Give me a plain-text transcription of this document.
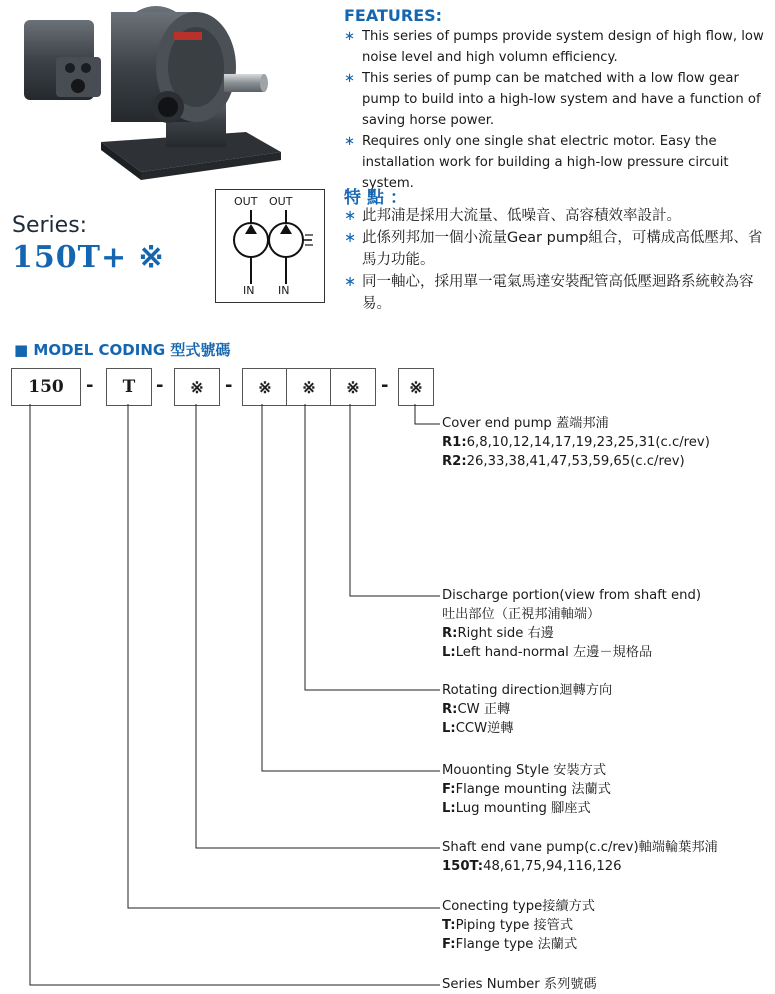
Series:
150T+ ※
OUT OUT
IN IN
FEATURES:
∗ This series of pumps provide system design of high flow, low noise level and high volumn efficiency.
∗ This series of pump can be matched with a low flow gear pump to build into a high-low system and have a function of saving horse power.
∗ Requires only one single shat electric motor. Easy the installation work for building a high-low pressure circuit system.
特點：
∗ 此邦浦是採用大流量、低噪音、高容積效率設計。
∗ 此係列邦加一個小流量Gear pump組合，可構成高低壓邦、省馬力功能。
∗ 同一軸心，採用單一電氣馬達安裝配管高低壓迴路系統較為容易。
■ MODEL CODING 型式號碼
150	-	T	-	※	-	※	※	※	-	※
Cover end pump 蓋端邦浦
R1:6,8,10,12,14,17,19,23,25,31(c.c/rev)
R2:26,33,38,41,47,53,59,65(c.c/rev)
Discharge portion(view from shaft end)
吐出部位（正視邦浦軸端）
R:Right side 右邊
L:Left hand-normal 左邊－規格品
Rotating direction迴轉方向
R:CW 正轉
L:CCW逆轉
Mouonting Style 安裝方式
F:Flange mounting 法蘭式
L:Lug mounting 腳座式
Shaft end vane pump(c.c/rev)軸端輪葉邦浦
150T:48,61,75,94,116,126
Conecting type接續方式
T:Piping type 接管式
F:Flange type 法蘭式
Series Number 系列號碼
